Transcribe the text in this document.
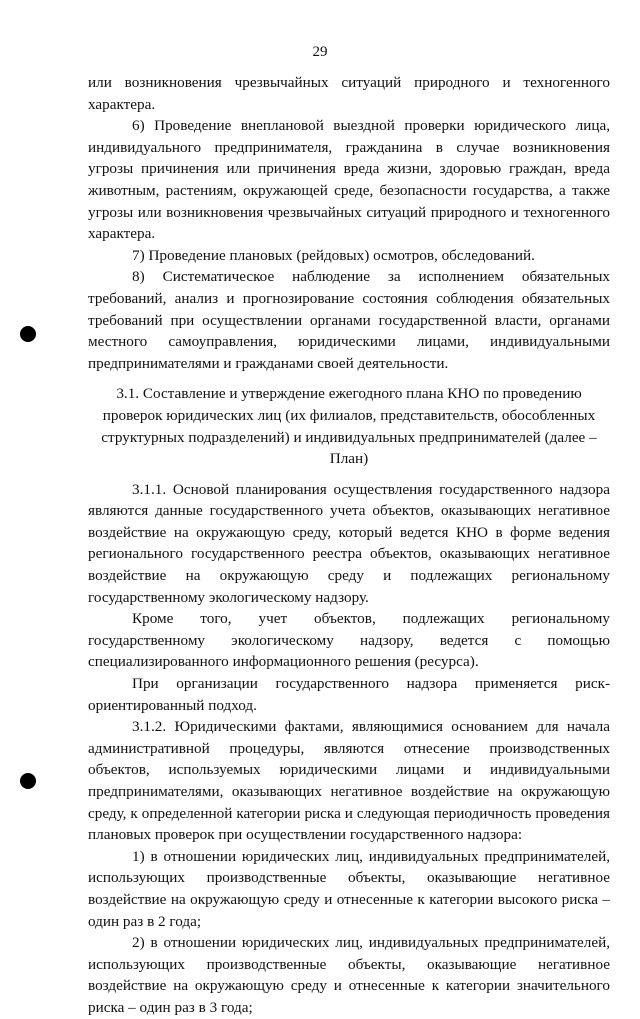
29

или возникновения чрезвычайных ситуаций природного и техногенного характера.

6) Проведение внеплановой выездной проверки юридического лица, индивидуального предпринимателя, гражданина в случае возникновения угрозы причинения или причинения вреда жизни, здоровью граждан, вреда животным, растениям, окружающей среде, безопасности государства, а также угрозы или возникновения чрезвычайных ситуаций природного и техногенного характера.

7) Проведение плановых (рейдовых) осмотров, обследований.

8) Систематическое наблюдение за исполнением обязательных требований, анализ и прогнозирование состояния соблюдения обязательных требований при осуществлении органами государственной власти, органами местного самоуправления, юридическими лицами, индивидуальными предпринимателями и гражданами своей деятельности.

3.1. Составление и утверждение ежегодного плана КНО по проведению проверок юридических лиц (их филиалов, представительств, обособленных структурных подразделений) и индивидуальных предпринимателей (далее – План)

3.1.1. Основой планирования осуществления государственного надзора являются данные государственного учета объектов, оказывающих негативное воздействие на окружающую среду, который ведется КНО в форме ведения регионального государственного реестра объектов, оказывающих негативное воздействие на окружающую среду и подлежащих региональному государственному экологическому надзору.

Кроме того, учет объектов, подлежащих региональному государственному экологическому надзору, ведется с помощью специализированного информационного решения (ресурса).

При организации государственного надзора применяется риск-ориентированный подход.

3.1.2. Юридическими фактами, являющимися основанием для начала административной процедуры, являются отнесение производственных объектов, используемых юридическими лицами и индивидуальными предпринимателями, оказывающих негативное воздействие на окружающую среду, к определенной категории риска и следующая периодичность проведения плановых проверок при осуществлении государственного надзора:

1) в отношении юридических лиц, индивидуальных предпринимателей, использующих производственные объекты, оказывающие негативное воздействие на окружающую среду и отнесенные к категории высокого риска – один раз в 2 года;

2) в отношении юридических лиц, индивидуальных предпринимателей, использующих производственные объекты, оказывающие негативное воздействие на окружающую среду и отнесенные к категории значительного риска – один раз в 3 года;
